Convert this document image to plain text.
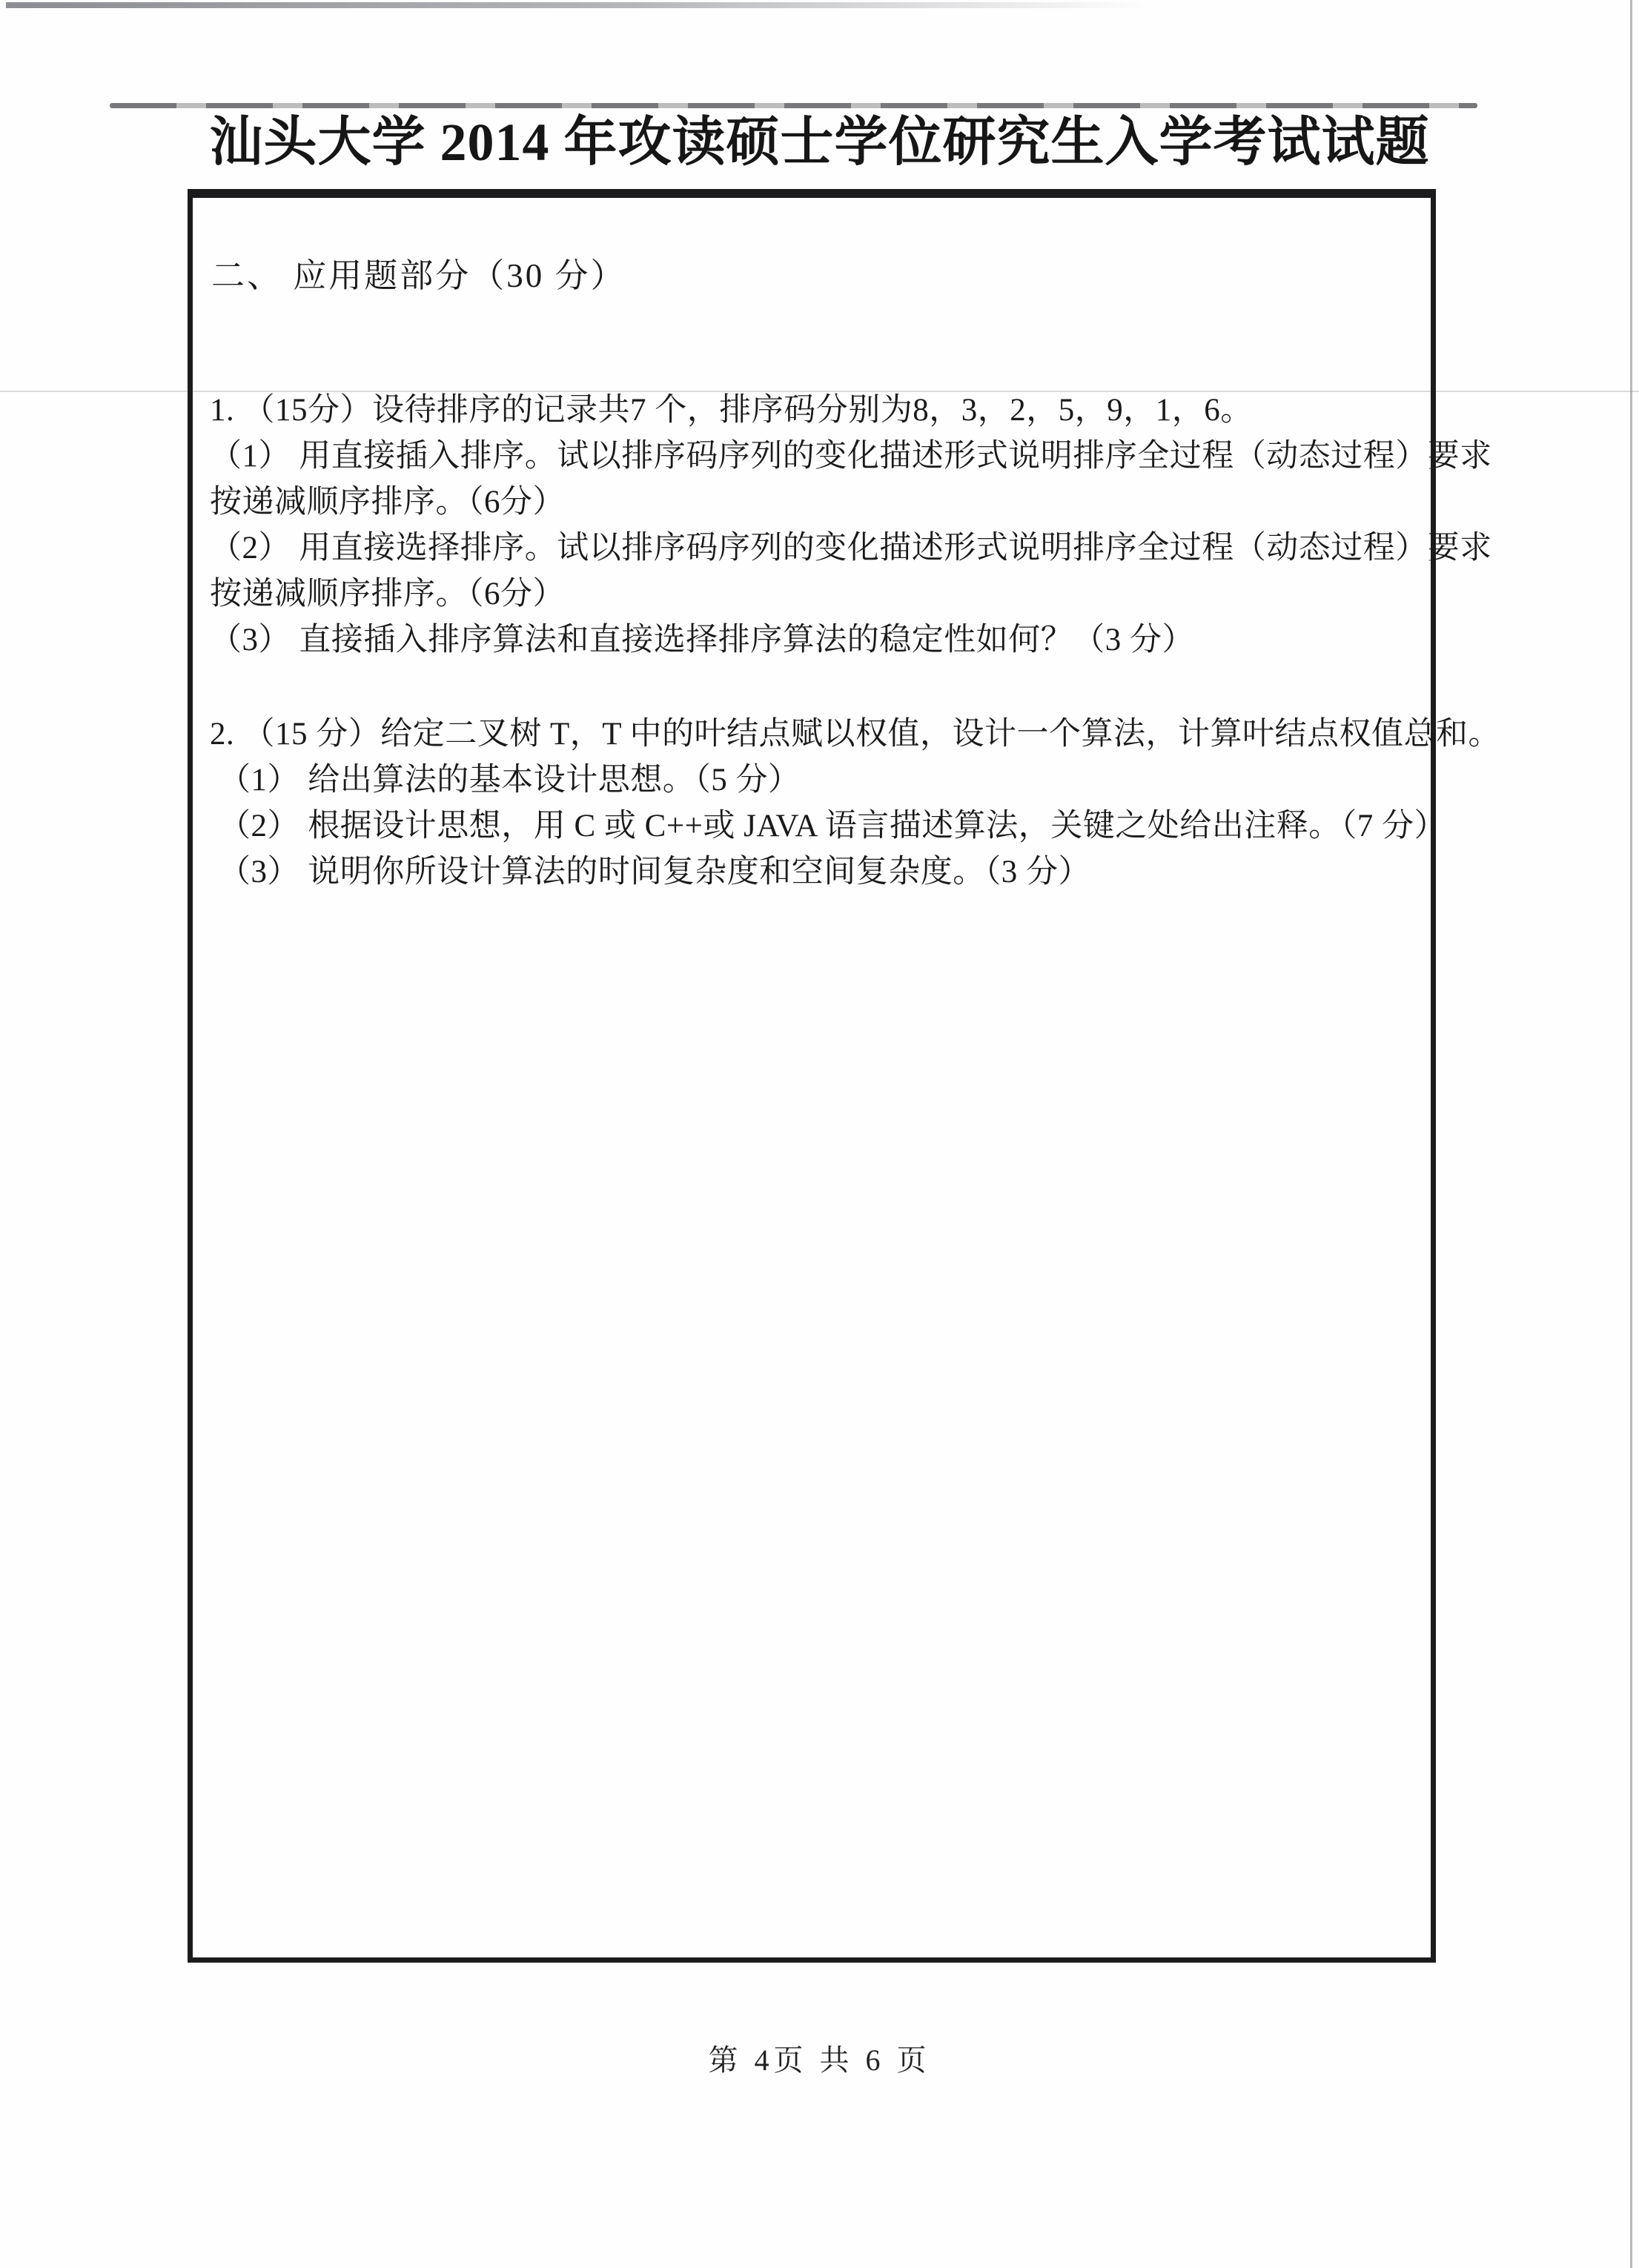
汕头大学 2014 年攻读硕士学位研究生入学考试试题
二、 应用题部分（30 分）
1. （15分）设待排序的记录共7 个，排序码分别为8，3，2，5，9，1，6。
（1） 用直接插入排序。试以排序码序列的变化描述形式说明排序全过程（动态过程）要求
按递减顺序排序。（6分）
（2） 用直接选择排序。试以排序码序列的变化描述形式说明排序全过程（动态过程）要求
按递减顺序排序。（6分）
（3） 直接插入排序算法和直接选择排序算法的稳定性如何？（3 分）
2. （15 分）给定二叉树 T，T 中的叶结点赋以权值，设计一个算法，计算叶结点权值总和。
（1） 给出算法的基本设计思想。（5 分）
（2） 根据设计思想，用 C 或 C++或 JAVA 语言描述算法，关键之处给出注释。（7 分）
（3） 说明你所设计算法的时间复杂度和空间复杂度。（3 分）
第 4页 共 6 页
